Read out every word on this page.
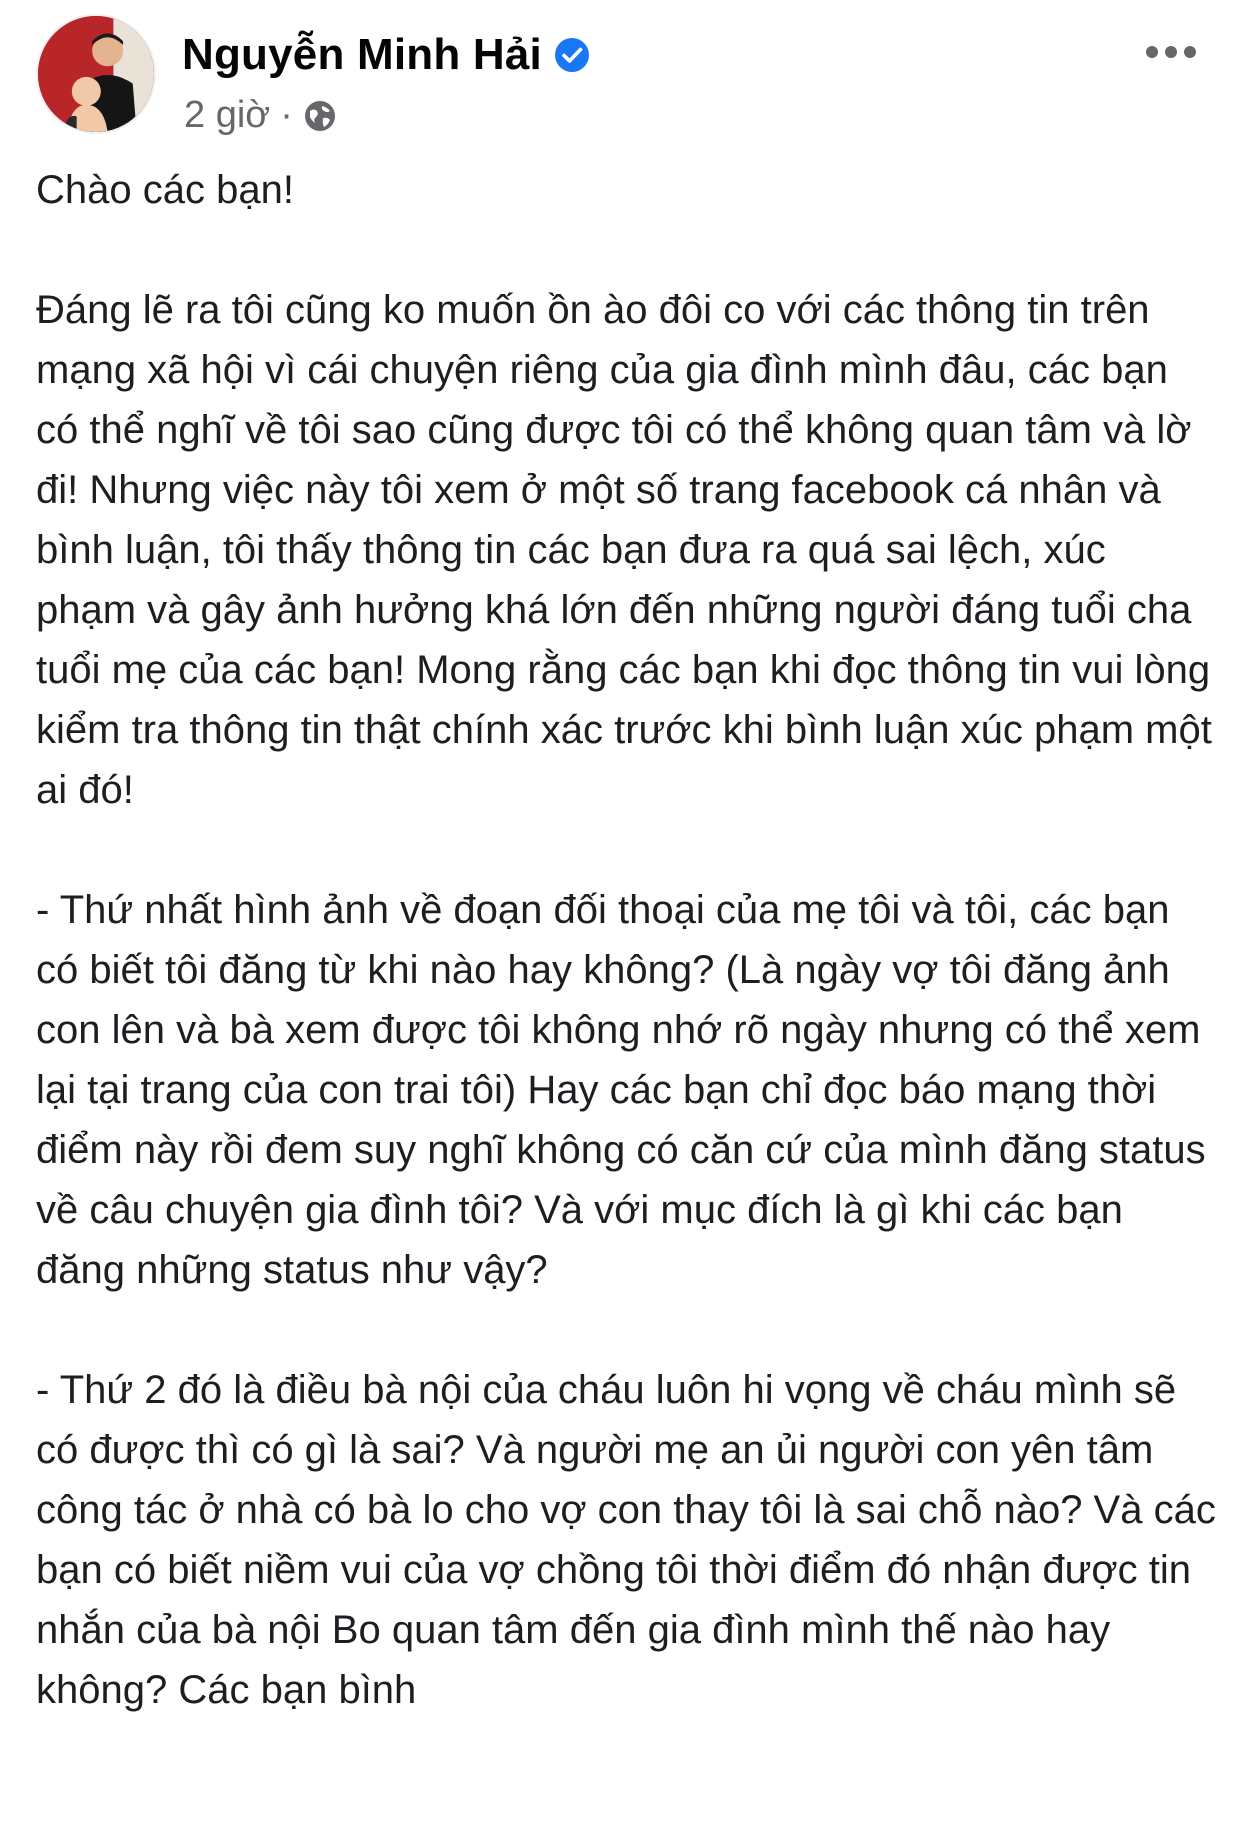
Nguyễn Minh Hải
2 giờ ·

Chào các bạn!

Đáng lẽ ra tôi cũng ko muốn ồn ào đôi co với các thông tin trên mạng xã hội vì cái chuyện riêng của gia đình mình đâu, các bạn có thể nghĩ về tôi sao cũng được tôi có thể không quan tâm và lờ đi! Nhưng việc này tôi xem ở một số trang facebook cá nhân và bình luận, tôi thấy thông tin các bạn đưa ra quá sai lệch, xúc phạm và gây ảnh hưởng khá lớn đến những người đáng tuổi cha tuổi mẹ của các bạn! Mong rằng các bạn khi đọc thông tin vui lòng kiểm tra thông tin thật chính xác trước khi bình luận xúc phạm một ai đó!

- Thứ nhất hình ảnh về đoạn đối thoại của mẹ tôi và tôi, các bạn có biết tôi đăng từ khi nào hay không? (Là ngày vợ tôi đăng ảnh con lên và bà xem được tôi không nhớ rõ ngày nhưng có thể xem lại tại trang của con trai tôi) Hay các bạn chỉ đọc báo mạng thời điểm này rồi đem suy nghĩ không có căn cứ của mình đăng status về câu chuyện gia đình tôi? Và với mục đích là gì khi các bạn đăng những status như vậy?

- Thứ 2 đó là điều bà nội của cháu luôn hi vọng về cháu mình sẽ có được thì có gì là sai? Và người mẹ an ủi người con yên tâm công tác ở nhà có bà lo cho vợ con thay tôi là sai chỗ nào? Và các bạn có biết niềm vui của vợ chồng tôi thời điểm đó nhận được tin nhắn của bà nội Bo quan tâm đến gia đình mình thế nào hay không? Các bạn bình
